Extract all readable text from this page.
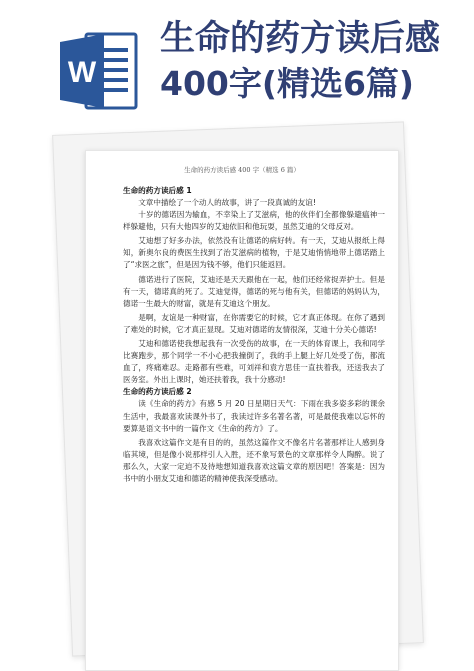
W
生命的药方读后感
400字(精选6篇)
生命的药方读后感 400 字（精选 6 篇）

生命的药方读后感 1

文章中描绘了一个动人的故事，讲了一段真诚的友谊!

十岁的德诺因为输血，不幸染上了艾滋病，他的伙伴们全都像躲避瘟神一样躲避他，只有大他四岁的艾迪依旧和他玩耍，虽然艾迪的父母反对。

艾迪想了好多办法，依然没有让德诺的病好转。有一天，艾迪从报纸上得知，新奥尔良的费医生找到了治艾滋病的植物，于是艾迪悄悄地带上德诺踏上了“求医之旅”，但是因为钱不够，他们只能返回。

德诺进行了医院，艾迪还是天天跟他在一起，他们还经常捉弄护士。但是有一天，德诺真的死了。艾迪觉得，德诺的死与他有关，但德诺的妈妈认为，德诺一生最大的财富，就是有艾迪这个朋友。

是啊，友谊是一种财富，在你需要它的时候，它才真正体现。在你了遇到了难处的时候，它才真正显现。艾迪对德诺的友情很深，艾迪十分关心德诺!

艾迪和德诺使我想起我有一次受伤的故事，在一天的体育课上，我和同学比赛跑步，那个同学一不小心把我撞倒了，我的手上腿上好几处受了伤，都流血了，疼痛难忍。走路都有些难，可刘祥和袁方思佳一直扶着我，还送我去了医务室。外出上课时，她还扶着我，我十分感动!

生命的药方读后感 2

读《生命的药方》有感 5 月 20 日星期日天气：下雨在我多姿多彩的课余生活中，我最喜欢读课外书了，我读过许多名著名著，可是最使我难以忘怀的要算是语文书中的一篇作文《生命的药方》了。

我喜欢这篇作文是有目的的，虽然这篇作文不像名片名著那样让人感到身临其境，但是像小说那样引人入胜，还不象写景色的文章那样令人陶醉。说了那么久，大家一定迫不及待地想知道我喜欢这篇文章的原因吧！答案是：因为书中的小朋友艾迪和德诺的精神使我深受感动。
